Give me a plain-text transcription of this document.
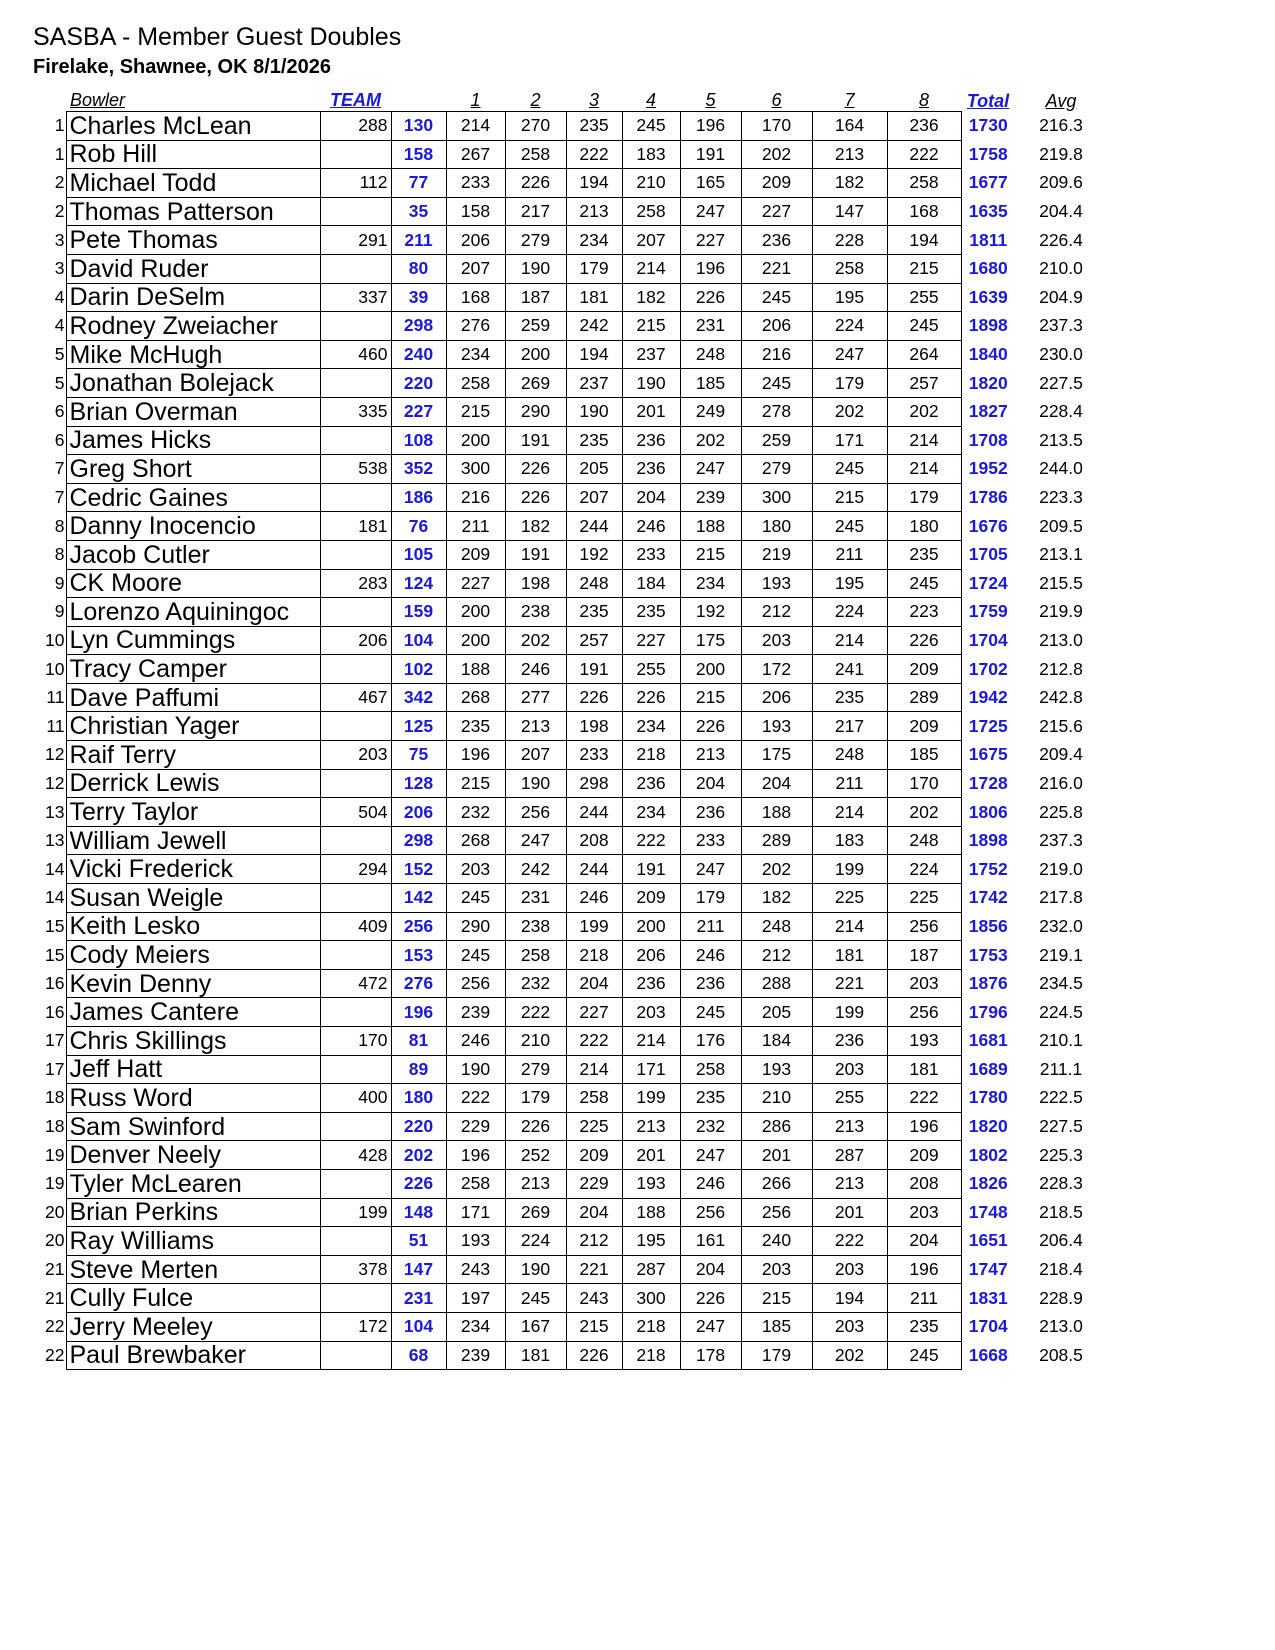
SASBA - Member Guest Doubles
Firelake, Shawnee, OK 8/1/2026
	Bowler	TEAM		1	2	3	4	5	6	7	8	Total	Avg
1	Charles McLean	288	130	214	270	235	245	196	170	164	236	1730	216.3
1	Rob Hill		158	267	258	222	183	191	202	213	222	1758	219.8
2	Michael Todd	112	77	233	226	194	210	165	209	182	258	1677	209.6
2	Thomas Patterson		35	158	217	213	258	247	227	147	168	1635	204.4
3	Pete Thomas	291	211	206	279	234	207	227	236	228	194	1811	226.4
3	David Ruder		80	207	190	179	214	196	221	258	215	1680	210.0
4	Darin DeSelm	337	39	168	187	181	182	226	245	195	255	1639	204.9
4	Rodney Zweiacher		298	276	259	242	215	231	206	224	245	1898	237.3
5	Mike McHugh	460	240	234	200	194	237	248	216	247	264	1840	230.0
5	Jonathan Bolejack		220	258	269	237	190	185	245	179	257	1820	227.5
6	Brian Overman	335	227	215	290	190	201	249	278	202	202	1827	228.4
6	James Hicks		108	200	191	235	236	202	259	171	214	1708	213.5
7	Greg Short	538	352	300	226	205	236	247	279	245	214	1952	244.0
7	Cedric Gaines		186	216	226	207	204	239	300	215	179	1786	223.3
8	Danny Inocencio	181	76	211	182	244	246	188	180	245	180	1676	209.5
8	Jacob Cutler		105	209	191	192	233	215	219	211	235	1705	213.1
9	CK Moore	283	124	227	198	248	184	234	193	195	245	1724	215.5
9	Lorenzo Aquiningoc		159	200	238	235	235	192	212	224	223	1759	219.9
10	Lyn Cummings	206	104	200	202	257	227	175	203	214	226	1704	213.0
10	Tracy Camper		102	188	246	191	255	200	172	241	209	1702	212.8
11	Dave Paffumi	467	342	268	277	226	226	215	206	235	289	1942	242.8
11	Christian Yager		125	235	213	198	234	226	193	217	209	1725	215.6
12	Raif Terry	203	75	196	207	233	218	213	175	248	185	1675	209.4
12	Derrick Lewis		128	215	190	298	236	204	204	211	170	1728	216.0
13	Terry Taylor	504	206	232	256	244	234	236	188	214	202	1806	225.8
13	William Jewell		298	268	247	208	222	233	289	183	248	1898	237.3
14	Vicki Frederick	294	152	203	242	244	191	247	202	199	224	1752	219.0
14	Susan Weigle		142	245	231	246	209	179	182	225	225	1742	217.8
15	Keith Lesko	409	256	290	238	199	200	211	248	214	256	1856	232.0
15	Cody Meiers		153	245	258	218	206	246	212	181	187	1753	219.1
16	Kevin Denny	472	276	256	232	204	236	236	288	221	203	1876	234.5
16	James Cantere		196	239	222	227	203	245	205	199	256	1796	224.5
17	Chris Skillings	170	81	246	210	222	214	176	184	236	193	1681	210.1
17	Jeff Hatt		89	190	279	214	171	258	193	203	181	1689	211.1
18	Russ Word	400	180	222	179	258	199	235	210	255	222	1780	222.5
18	Sam Swinford		220	229	226	225	213	232	286	213	196	1820	227.5
19	Denver Neely	428	202	196	252	209	201	247	201	287	209	1802	225.3
19	Tyler McLearen		226	258	213	229	193	246	266	213	208	1826	228.3
20	Brian Perkins	199	148	171	269	204	188	256	256	201	203	1748	218.5
20	Ray Williams		51	193	224	212	195	161	240	222	204	1651	206.4
21	Steve Merten	378	147	243	190	221	287	204	203	203	196	1747	218.4
21	Cully Fulce		231	197	245	243	300	226	215	194	211	1831	228.9
22	Jerry Meeley	172	104	234	167	215	218	247	185	203	235	1704	213.0
22	Paul Brewbaker		68	239	181	226	218	178	179	202	245	1668	208.5
